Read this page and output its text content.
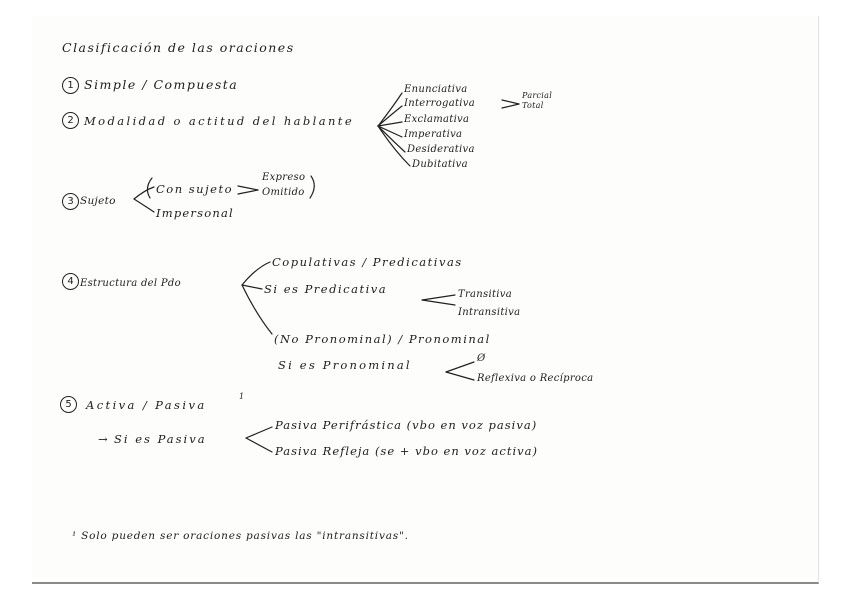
Clasificación de las oraciones
1 Simple / Compuesta
2 Modalidad o actitud del hablante
Enunciativa
Interrogativa
Exclamativa
Imperativa
Desiderativa
Dubitativa
Parcial
Total
3 Sujeto
Con sujeto
Expreso
Omitido
Impersonal
4 Estructura del Pdo
Copulativas / Predicativas
Si es Predicativa	Transitiva
Intransitiva
(No Pronominal) / Pronominal
Si es Pronominal	Ø
Reflexiva o Recíproca
5	Activa / Pasiva
1
→ Si es Pasiva
Pasiva Perifrástica (vbo en voz pasiva)
Pasiva Refleja (se + vbo en voz activa)
¹ Solo pueden ser oraciones pasivas las "intransitivas".
